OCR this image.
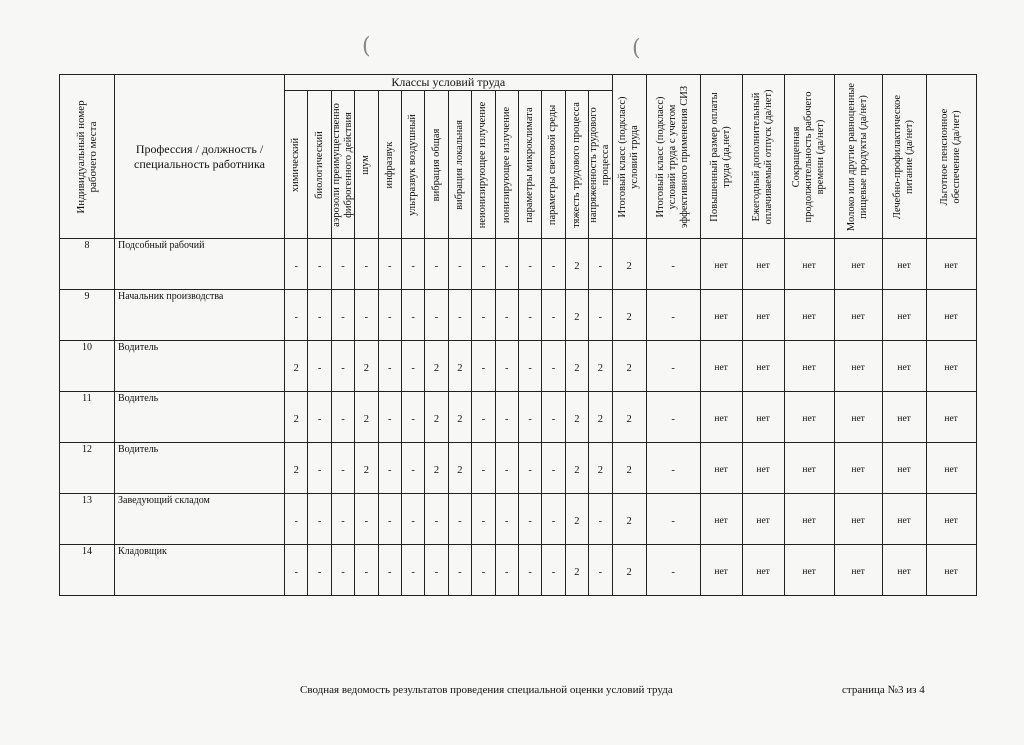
(	(
Индивидуальный номер рабочего места	Профессия / должность / специальность работника	Классы условий труда														Итоговый класс (подкласс) условий труда	Итоговый класс (подкласс) условий труда с учетом эффективного применения СИЗ	Повышенный размер оплаты труда (да,нет)	Ежегодный дополнительный оплачиваемый отпуск (да/нет)	Сокращенная продолжительность рабочего времени (да/нет)	Молоко или другие равноценные пищевые продукты (да/нет)	Лечебно-профилактическое питание (да/нет)	Льготное пенсионное обеспечение (да/нет)

		химический	биологический	аэрозоли преимущественно фиброгенного действия	шум	инфразвук	ультразвук воздушный	вибрация общая	вибрация локальная	неионизирующее излучение	ионизирующее излучение	параметры микроклимата	параметры световой среды	тяжесть трудового процесса	напряженность трудового процесса								

8	Подсобный рабочий	-	-	-	-	-	-	-	-	-	-	-	-	2	-	2	-	нет	нет	нет	нет	нет	нет
9	Начальник производства	-	-	-	-	-	-	-	-	-	-	-	-	2	-	2	-	нет	нет	нет	нет	нет	нет
10	Водитель	2	-	-	2	-	-	2	2	-	-	-	-	2	2	2	-	нет	нет	нет	нет	нет	нет
11	Водитель	2	-	-	2	-	-	2	2	-	-	-	-	2	2	2	-	нет	нет	нет	нет	нет	нет
12	Водитель	2	-	-	2	-	-	2	2	-	-	-	-	2	2	2	-	нет	нет	нет	нет	нет	нет
13	Заведующий складом	-	-	-	-	-	-	-	-	-	-	-	-	2	-	2	-	нет	нет	нет	нет	нет	нет
14	Кладовщик	-	-	-	-	-	-	-	-	-	-	-	-	2	-	2	-	нет	нет	нет	нет	нет	нет
Сводная ведомость результатов проведения специальной оценки условий труда	страница №3 из 4
